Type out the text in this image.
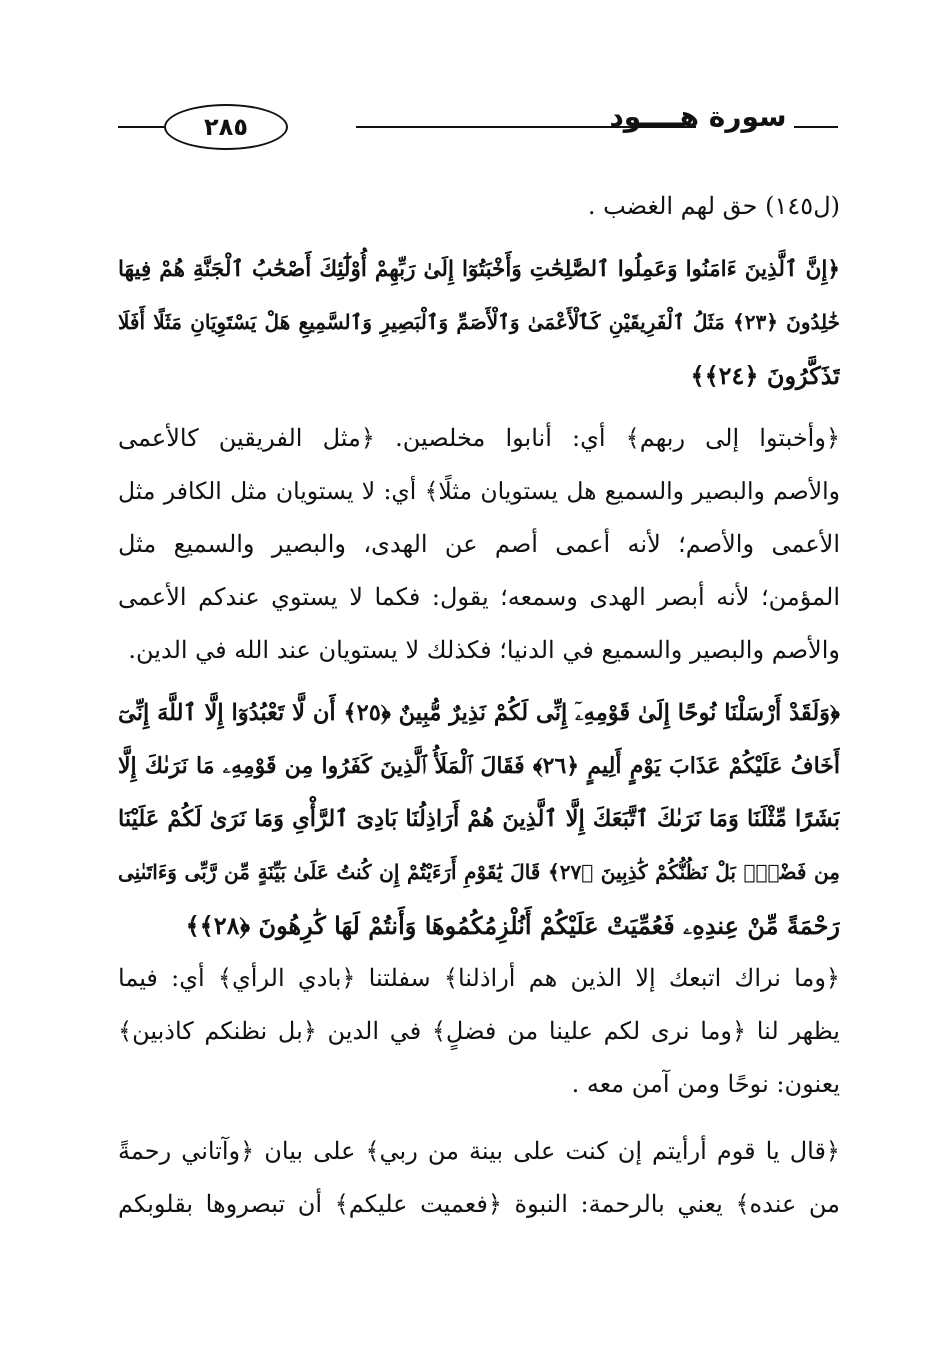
٢٨٥	سورة هــــود
(ل١٤٥) حق لهم الغضب .
﴿إِنَّ ٱلَّذِينَ ءَامَنُوا وَعَمِلُوا ٱلصَّٰلِحَٰتِ وَأَخْبَتُوٓا إِلَىٰ رَبِّهِمْ أُوْلَٰٓئِكَ أَصْحَٰبُ ٱلْجَنَّةِ هُمْ فِيهَا
خَٰلِدُونَ ﴿٢٣﴾ مَثَلُ ٱلْفَرِيقَيْنِ كَٱلْأَعْمَىٰ وَٱلْأَصَمِّ وَٱلْبَصِيرِ وَٱلسَّمِيعِ هَلْ يَسْتَوِيَانِ مَثَلًا أَفَلَا
تَذَكَّرُونَ ﴿٢٤﴾﴾
﴿وأخبتوا إلى ربهم﴾ أي: أنابوا مخلصين. ﴿مثل الفريقين كالأعمى
والأصم والبصير والسميع هل يستويان مثلًا﴾ أي: لا يستويان مثل الكافر مثل
الأعمى والأصم؛ لأنه أعمى أصم عن الهدى، والبصير والسميع مثل
المؤمن؛ لأنه أبصر الهدى وسمعه؛ يقول: فكما لا يستوي عندكم الأعمى
والأصم والبصير والسميع في الدنيا؛ فكذلك لا يستويان عند الله في الدين.
﴿وَلَقَدْ أَرْسَلْنَا نُوحًا إِلَىٰ قَوْمِهِۦٓ إِنِّى لَكُمْ نَذِيرٌ مُّبِينٌ ﴿٢٥﴾ أَن لَّا تَعْبُدُوٓا إِلَّا ٱللَّهَ إِنِّىٓ
أَخَافُ عَلَيْكُمْ عَذَابَ يَوْمٍ أَلِيمٍ ﴿٢٦﴾ فَقَالَ ٱلْمَلَأُ ٱلَّذِينَ كَفَرُوا مِن قَوْمِهِۦ مَا نَرَىٰكَ إِلَّا
بَشَرًا مِّثْلَنَا وَمَا نَرَىٰكَ ٱتَّبَعَكَ إِلَّا ٱلَّذِينَ هُمْ أَرَاذِلُنَا بَادِىَ ٱلرَّأْىِ وَمَا نَرَىٰ لَكُمْ عَلَيْنَا
مِن فَضْلٍۭ بَلْ نَظُنُّكُمْ كَٰذِبِينَ ﴿٢٧﴾ قَالَ يَٰقَوْمِ أَرَءَيْتُمْ إِن كُنتُ عَلَىٰ بَيِّنَةٍ مِّن رَّبِّى وَءَاتَىٰنِى
رَحْمَةً مِّنْ عِندِهِۦ فَعُمِّيَتْ عَلَيْكُمْ أَنُلْزِمُكُمُوهَا وَأَنتُمْ لَهَا كَٰرِهُونَ ﴿٢٨﴾﴾
﴿وما نراك اتبعك إلا الذين هم أراذلنا﴾ سفلتنا ﴿بادي الرأي﴾ أي: فيما
يظهر لنا ﴿وما نرى لكم علينا من فضلٍ﴾ في الدين ﴿بل نظنكم كاذبين﴾
يعنون: نوحًا ومن آمن معه .
﴿قال يا قوم أرأيتم إن كنت على بينة من ربي﴾ على بيان ﴿وآتاني رحمةً
من عنده﴾ يعني بالرحمة: النبوة ﴿فعميت عليكم﴾ أن تبصروها بقلوبكم
